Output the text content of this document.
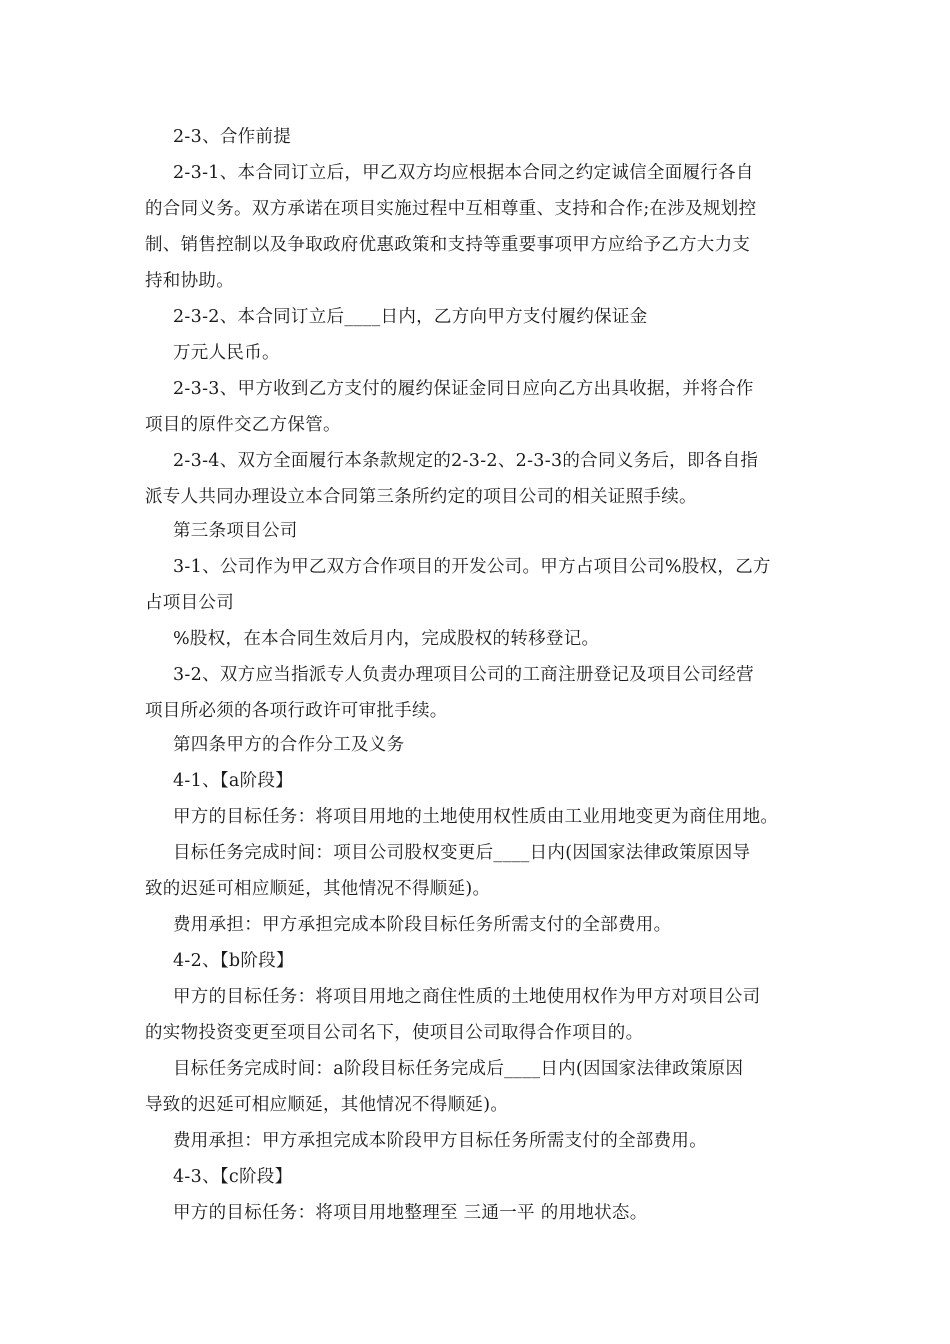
2-3、合作前提
2-3-1、本合同订立后，甲乙双方均应根据本合同之约定诚信全面履行各自
的合同义务。双方承诺在项目实施过程中互相尊重、支持和合作;在涉及规划控
制、销售控制以及争取政府优惠政策和支持等重要事项甲方应给予乙方大力支
持和协助。
2-3-2、本合同订立后____日内，乙方向甲方支付履约保证金
万元人民币。
2-3-3、甲方收到乙方支付的履约保证金同日应向乙方出具收据，并将合作
项目的原件交乙方保管。
2-3-4、双方全面履行本条款规定的2-3-2、2-3-3的合同义务后，即各自指
派专人共同办理设立本合同第三条所约定的项目公司的相关证照手续。
第三条项目公司
3-1、公司作为甲乙双方合作项目的开发公司。甲方占项目公司%股权，乙方
占项目公司
%股权，在本合同生效后月内，完成股权的转移登记。
3-2、双方应当指派专人负责办理项目公司的工商注册登记及项目公司经营
项目所必须的各项行政许可审批手续。
第四条甲方的合作分工及义务
4-1、【a阶段】
甲方的目标任务：将项目用地的土地使用权性质由工业用地变更为商住用地。
目标任务完成时间：项目公司股权变更后____日内(因国家法律政策原因导
致的迟延可相应顺延，其他情况不得顺延)。
费用承担：甲方承担完成本阶段目标任务所需支付的全部费用。
4-2、【b阶段】
甲方的目标任务：将项目用地之商住性质的土地使用权作为甲方对项目公司
的实物投资变更至项目公司名下，使项目公司取得合作项目的。
目标任务完成时间：a阶段目标任务完成后____日内(因国家法律政策原因
导致的迟延可相应顺延，其他情况不得顺延)。
费用承担：甲方承担完成本阶段甲方目标任务所需支付的全部费用。
4-3、【c阶段】
甲方的目标任务：将项目用地整理至 三通一平 的用地状态。
